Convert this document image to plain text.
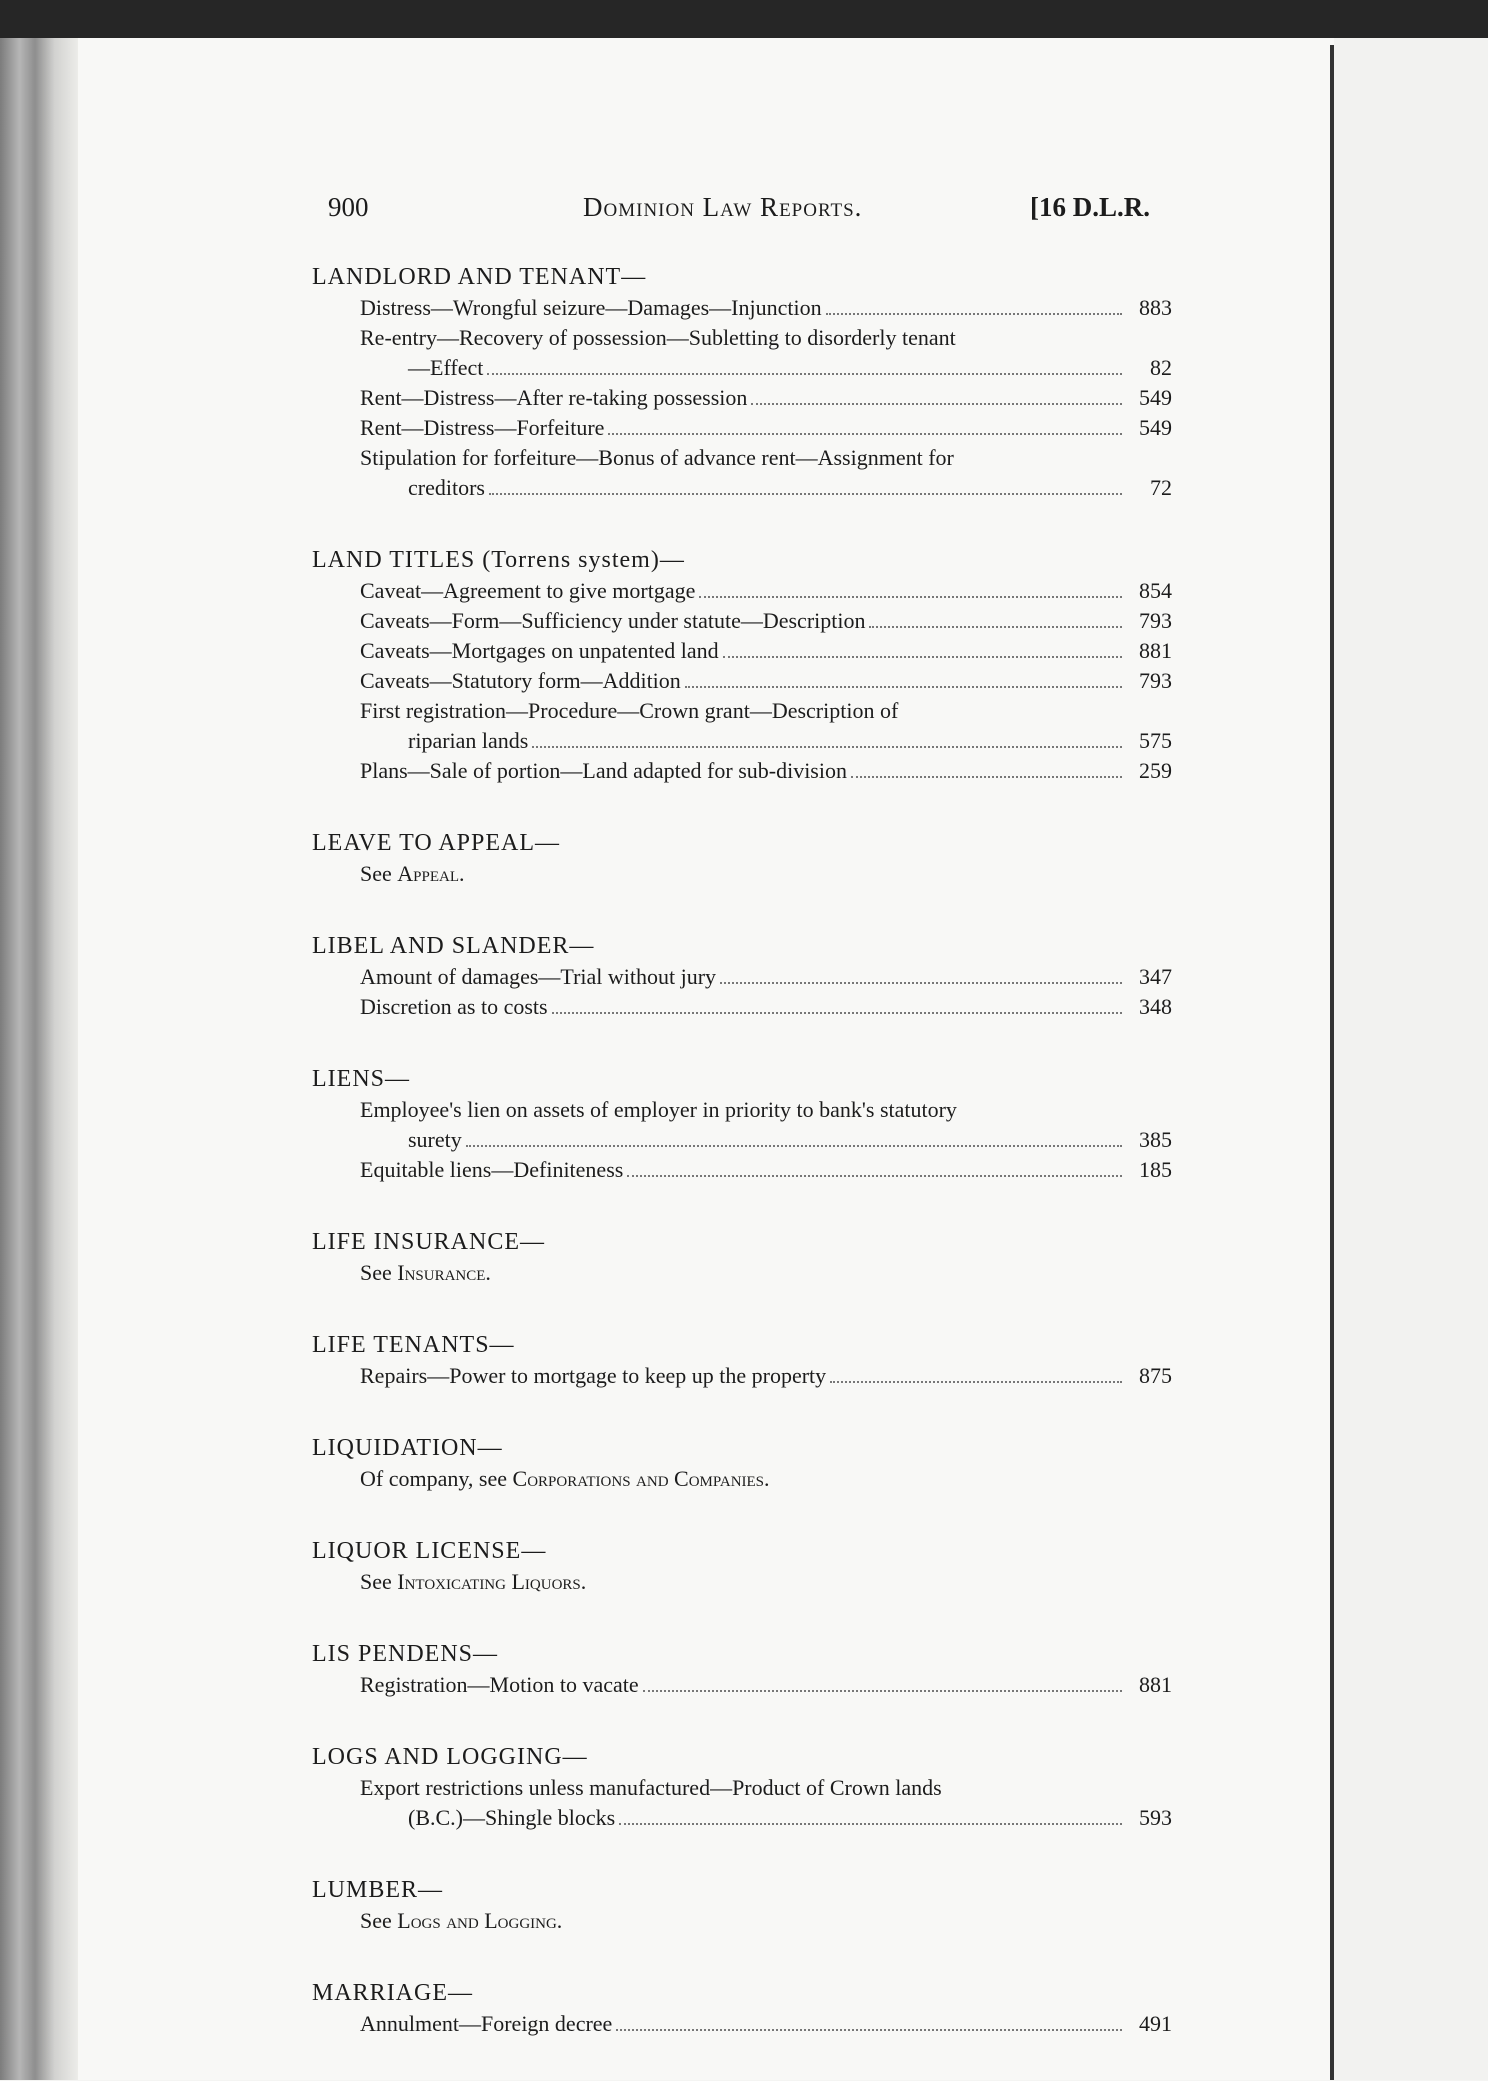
900	Dominion Law Reports.	[16 D.L.R.
LANDLORD AND TENANT—
Distress—Wrongful seizure—Damages—Injunction	883
Re-entry—Recovery of possession—Subletting to disorderly tenant
—Effect	82
Rent—Distress—After re-taking possession	549
Rent—Distress—Forfeiture	549
Stipulation for forfeiture—Bonus of advance rent—Assignment for
creditors	72
LAND TITLES (Torrens system)—
Caveat—Agreement to give mortgage	854
Caveats—Form—Sufficiency under statute—Description	793
Caveats—Mortgages on unpatented land	881
Caveats—Statutory form—Addition	793
First registration—Procedure—Crown grant—Description of
riparian lands	575
Plans—Sale of portion—Land adapted for sub-division	259
LEAVE TO APPEAL—
See Appeal.
LIBEL AND SLANDER—
Amount of damages—Trial without jury	347
Discretion as to costs	348
LIENS—
Employee's lien on assets of employer in priority to bank's statutory
surety	385
Equitable liens—Definiteness	185
LIFE INSURANCE—
See Insurance.
LIFE TENANTS—
Repairs—Power to mortgage to keep up the property	875
LIQUIDATION—
Of company, see Corporations and Companies.
LIQUOR LICENSE—
See Intoxicating Liquors.
LIS PENDENS—
Registration—Motion to vacate	881
LOGS AND LOGGING—
Export restrictions unless manufactured—Product of Crown lands
(B.C.)—Shingle blocks	593
LUMBER—
See Logs and Logging.
MARRIAGE—
Annulment—Foreign decree	491
